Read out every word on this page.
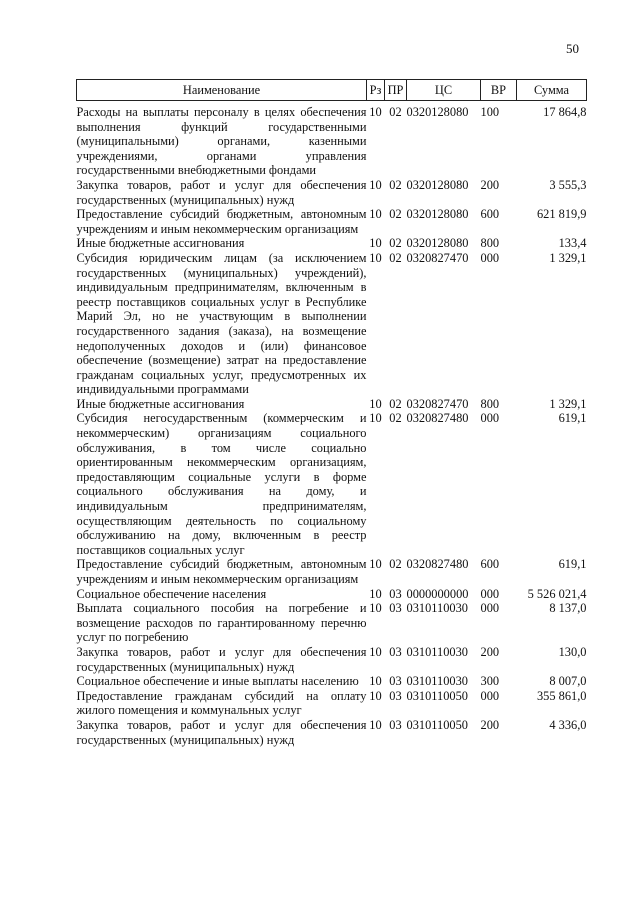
50
Наименование	Рз	ПР	ЦС	ВР	Сумма

Расходы на выплаты персоналу в целях обеспечения выполнения функций государственными (муниципальными) органами, казенными учреждениями, органами управления государственными внебюджетными фондами	10	02	0320128080	100	17 864,8
Закупка товаров, работ и услуг для обеспечения государственных (муниципальных) нужд	10	02	0320128080	200	3 555,3
Предоставление субсидий бюджетным, автономным учреждениям и иным некоммерческим организациям	10	02	0320128080	600	621 819,9
Иные бюджетные ассигнования	10	02	0320128080	800	133,4
Субсидия юридическим лицам (за исключением государственных (муниципальных) учреждений), индивидуальным предпринимателям, включенным в реестр поставщиков социальных услуг в Республике Марий Эл, но не участвующим в выполнении государственного задания (заказа), на возмещение недополученных доходов и (или) финансовое обеспечение (возмещение) затрат на предоставление гражданам социальных услуг, предусмотренных их индивидуальными программами	10	02	0320827470	000	1 329,1
Иные бюджетные ассигнования	10	02	0320827470	800	1 329,1
Субсидия негосударственным (коммерческим и некоммерческим) организациям социального обслуживания, в том числе социально ориентированным некоммерческим организациям, предоставляющим социальные услуги в форме социального обслуживания на дому, и индивидуальным предпринимателям, осуществляющим деятельность по социальному обслуживанию на дому, включенным в реестр поставщиков социальных услуг	10	02	0320827480	000	619,1
Предоставление субсидий бюджетным, автономным учреждениям и иным некоммерческим организациям	10	02	0320827480	600	619,1
Социальное обеспечение населения	10	03	0000000000	000	5 526 021,4
Выплата социального пособия на погребение и возмещение расходов по гарантированному перечню услуг по погребению	10	03	0310110030	000	8 137,0
Закупка товаров, работ и услуг для обеспечения государственных (муниципальных) нужд	10	03	0310110030	200	130,0
Социальное обеспечение и иные выплаты населению	10	03	0310110030	300	8 007,0
Предоставление гражданам субсидий на оплату жилого помещения и коммунальных услуг	10	03	0310110050	000	355 861,0
Закупка товаров, работ и услуг для обеспечения государственных (муниципальных) нужд	10	03	0310110050	200	4 336,0
